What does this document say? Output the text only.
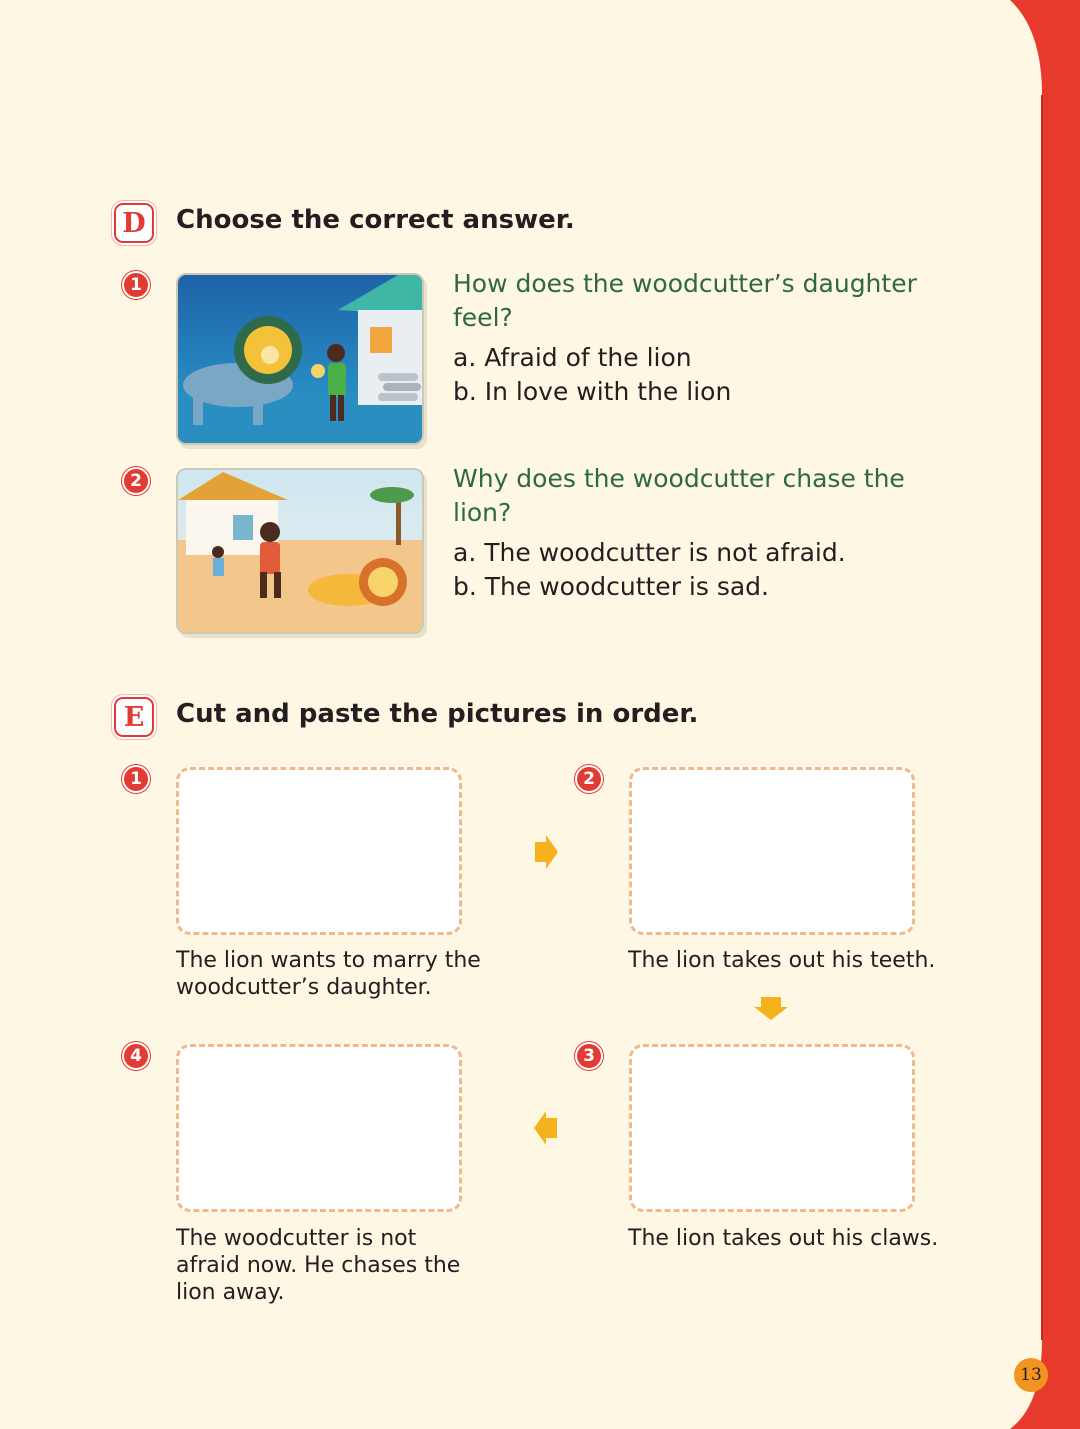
D Choose the correct answer.
1	How does the woodcutter’s daughter feel?
a. Afraid of the lion
b. In love with the lion
2	Why does the woodcutter chase the lion?
a. The woodcutter is not afraid.
b. The woodcutter is sad.
E Cut and paste the pictures in order.
1
The lion wants to marry the woodcutter’s daughter.
2
The lion takes out his teeth.
3
The lion takes out his claws.
4
The woodcutter is not afraid now. He chases the lion away.
13
